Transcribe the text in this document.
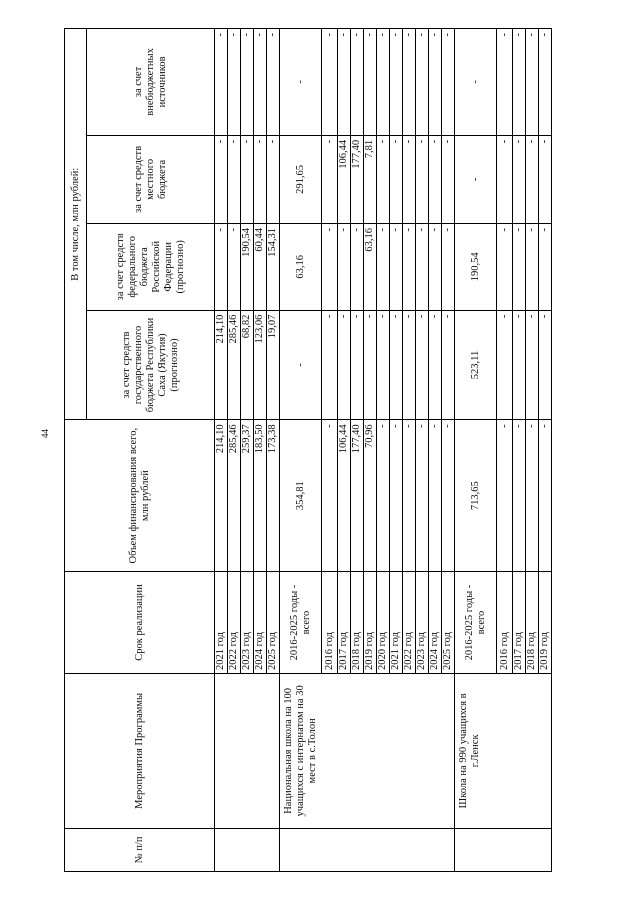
44
№ п/п	Мероприятия Программы	Срок реализации	Объем финансирования всего, млн рублей	В том числе, млн рублей:			
				за счет средств государственного бюджета Республики Саха (Якутия) (прогнозно)	за счет средств федерального бюджета Российской Федерации (прогнозно)	за счет средств местного бюджета	за счет внебюджетных источников
		2021 год	214,10	214,10	-	-	-
		2022 год	285,46	285,46	-	-	-
		2023 год	259,37	68,82	190,54	-	-
		2024 год	183,50	123,06	60,44	-	-
		2025 год	173,38	19,07	154,31	-	-
	Национальная школа на 100 учащихся с интернатом на 30 мест в с.Толон	2016-2025 годы - всего	354,81	-	63,16	291,65	-
		2016 год	-	-	-	-	-
		2017 год	106,44	-	-	106,44	-
		2018 год	177,40	-	-	177,40	-
		2019 год	70,96	-	63,16	7,81	-
		2020 год	-	-	-	-	-
		2021 год	-	-	-	-	-
		2022 год	-	-	-	-	-
		2023 год	-	-	-	-	-
		2024 год	-	-	-	-	-
		2025 год	-	-	-	-	-
	Школа на 990 учащихся в г.Ленск	2016-2025 годы - всего	713,65	523,11	190,54	-	-
		2016 год	-	-	-	-	-
		2017 год	-	-	-	-	-
		2018 год	-	-	-	-	-
		2019 год	-	-	-	-	-
